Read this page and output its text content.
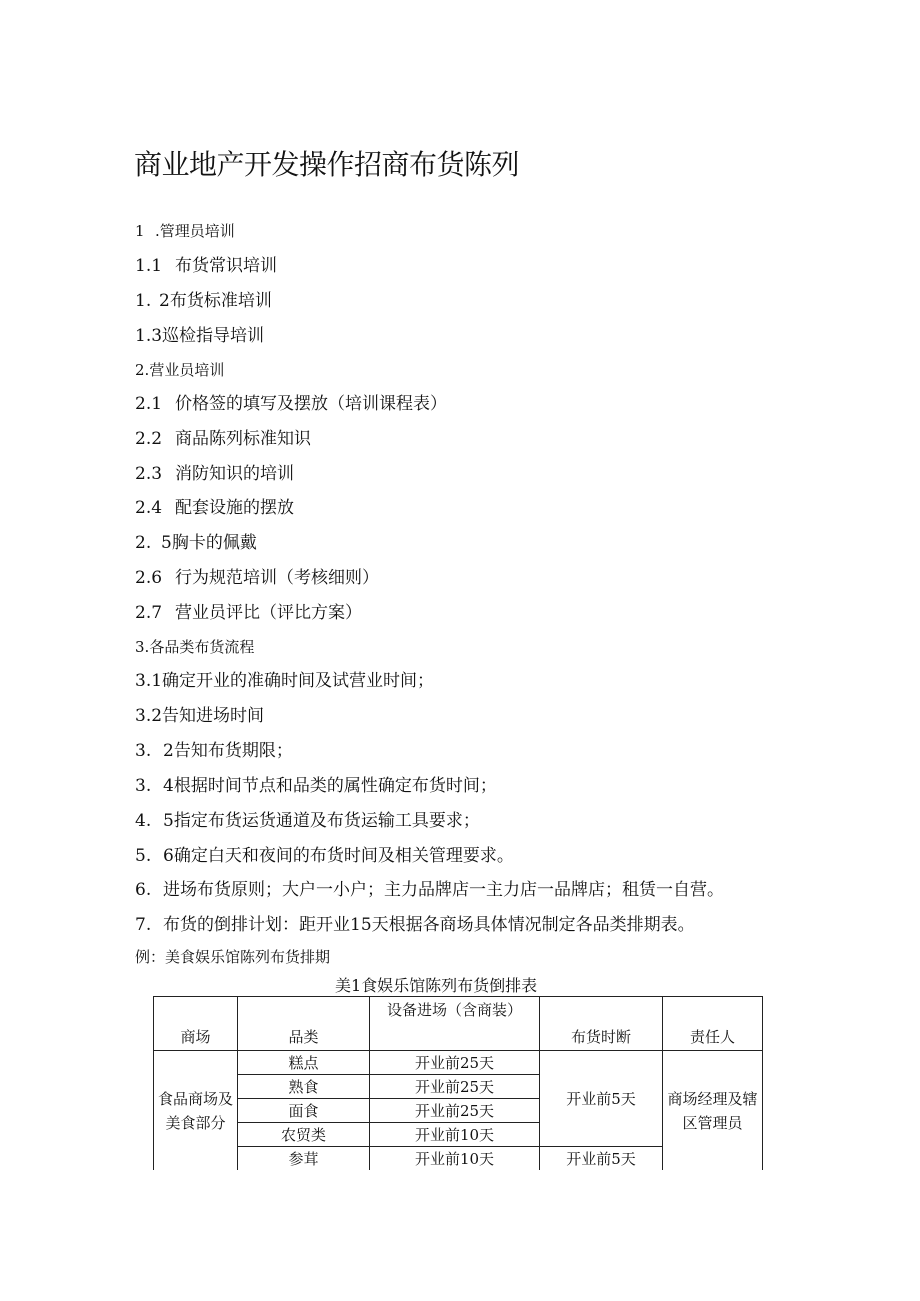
商业地产开发操作招商布货陈列
1 .管理员培训
1.1 布货常识培训
1. 2布货标准培训
1.3巡检指导培训
2.营业员培训
2.1 价格签的填写及摆放（培训课程表）
2.2 商品陈列标准知识
2.3 消防知识的培训
2.4 配套设施的摆放
2. 5胸卡的佩戴
2.6 行为规范培训（考核细则）
2.7 营业员评比（评比方案）
3.各品类布货流程
3.1确定开业的准确时间及试营业时间；
3.2告知进场时间
3. 2告知布货期限；
3. 4根据时间节点和品类的属性确定布货时间；
4. 5指定布货运货通道及布货运输工具要求；
5. 6确定白天和夜间的布货时间及相关管理要求。
6. 进场布货原则；大户一小户；主力品牌店一主力店一品牌店；租赁一自营。
7. 布货的倒排计划：距开业15天根据各商场具体情况制定各品类排期表。
例：美食娱乐馆陈列布货排期
美1食娱乐馆陈列布货倒排表
商场	品类	设备进场（含商装）	布货时断	责任人
食品商场及美食部分	糕点	开业前25天	开业前5天	商场经理及辖区管理员
	熟食	开业前25天		
	面食	开业前25天		
	农贸类	开业前10天		
	参茸	开业前10天	开业前5天	
